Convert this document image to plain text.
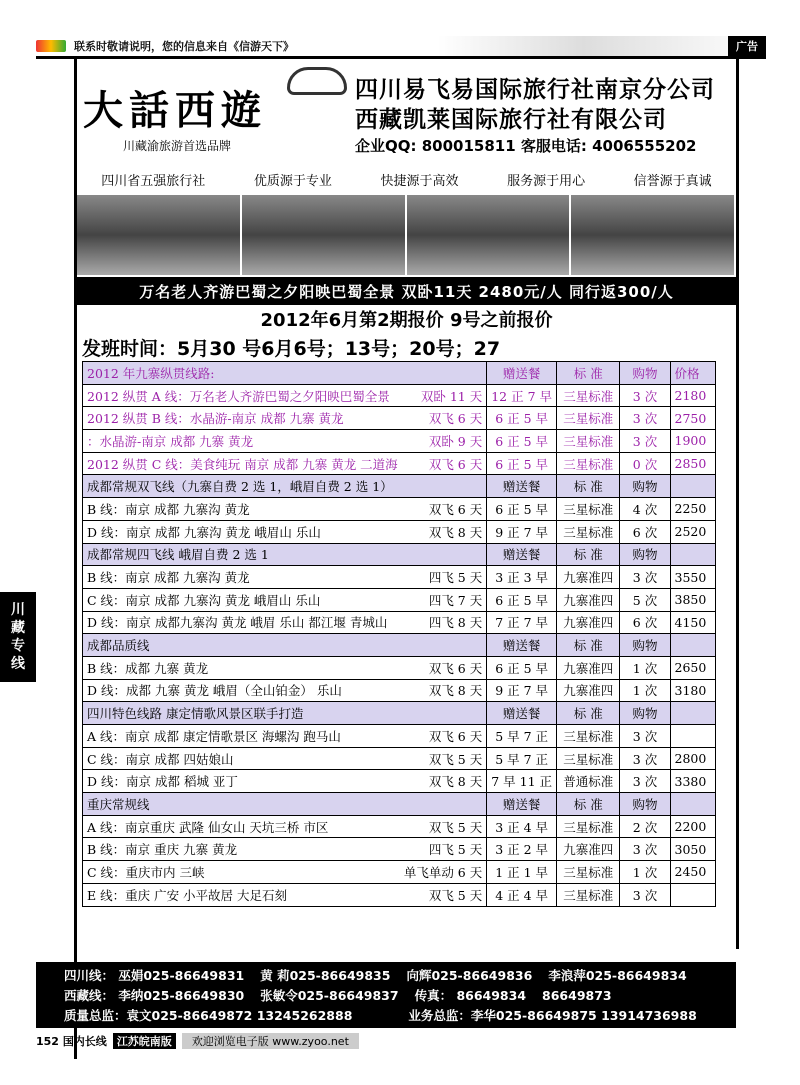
联系时敬请说明，您的信息来自《信游天下》	广告
大話西遊
川藏渝旅游首选品牌
四川易飞易国际旅行社南京分公司
西藏凯莱国际旅行社有限公司
企业QQ: 800015811 客服电话: 4006555202
四川省五强旅行社	优质源于专业	快捷源于高效	服务源于用心	信誉源于真诚
万名老人齐游巴蜀之夕阳映巴蜀全景 双卧11天 2480元/人 同行返300/人
2012年6月第2期报价 9号之前报价
发班时间：5月30 号6月6号；13号；20号；27
2012 年九寨纵贯线路:	赠送餐	标 准	购物	价格

2012 纵贯 A 线：万名老人齐游巴蜀之夕阳映巴蜀全景 双卧 11 天	12 正 7 早	三星标准	3 次	2180

2012 纵贯 B 线：水晶游-南京 成都 九寨 黄龙 双飞 6 天	6 正 5 早	三星标准	3 次	2750

：水晶游-南京 成都 九寨 黄龙 双卧 9 天	6 正 5 早	三星标准	3 次	1900

2012 纵贯 C 线：美食纯玩 南京 成都 九寨 黄龙 二道海 双飞 6 天	6 正 5 早	三星标准	0 次	2850

成都常规双飞线（九寨自费 2 选 1，峨眉自费 2 选 1）	赠送餐	标 准	购物	

B 线：南京 成都 九寨沟 黄龙 双飞 6 天	6 正 5 早	三星标准	4 次	2250

D 线：南京 成都 九寨沟 黄龙 峨眉山 乐山 双飞 8 天	9 正 7 早	三星标准	6 次	2520

成都常规四飞线 峨眉自费 2 选 1	赠送餐	标 准	购物	

B 线：南京 成都 九寨沟 黄龙 四飞 5 天	3 正 3 早	九寨准四	3 次	3550

C 线：南京 成都 九寨沟 黄龙 峨眉山 乐山 四飞 7 天	6 正 5 早	九寨准四	5 次	3850

D 线：南京 成都九寨沟 黄龙 峨眉 乐山 都江堰 青城山 四飞 8 天	7 正 7 早	九寨准四	6 次	4150

成都品质线	赠送餐	标 准	购物	

B 线：成都 九寨 黄龙 双飞 6 天	6 正 5 早	九寨准四	1 次	2650

D 线：成都 九寨 黄龙 峨眉（全山铂金） 乐山 双飞 8 天	9 正 7 早	九寨准四	1 次	3180

四川特色线路 康定情歌风景区联手打造	赠送餐	标 准	购物	

A 线：南京 成都 康定情歌景区 海螺沟 跑马山 双飞 6 天	5 早 7 正	三星标准	3 次	

C 线：南京 成都 四姑娘山 双飞 5 天	5 早 7 正	三星标准	3 次	2800

D 线：南京 成都 稻城 亚丁 双飞 8 天	7 早 11 正	普通标准	3 次	3380

重庆常规线	赠送餐	标 准	购物	

A 线：南京重庆 武隆 仙女山 天坑三桥 市区 双飞 5 天	3 正 4 早	三星标准	2 次	2200

B 线：南京 重庆 九寨 黄龙 四飞 5 天	3 正 2 早	九寨准四	3 次	3050

C 线：重庆市内 三峡 单飞单动 6 天	1 正 1 早	三星标准	1 次	2450

E 线：重庆 广安 小平故居 大足石刻 双飞 5 天	4 正 4 早	三星标准	3 次	
川
藏
专
线
四川线： 巫娟025-86649831 黄 莉025-86649835 向辉025-86649836 李浪萍025-86649834
西藏线： 李纳025-86649830 张敏令025-86649837 传真： 86649834 86649873
质量总监：袁文025-86649872 13245262888	业务总监：李华025-86649875 13914736988
152
国内长线 江苏皖南版	欢迎浏览电子版 www.zyoo.net
